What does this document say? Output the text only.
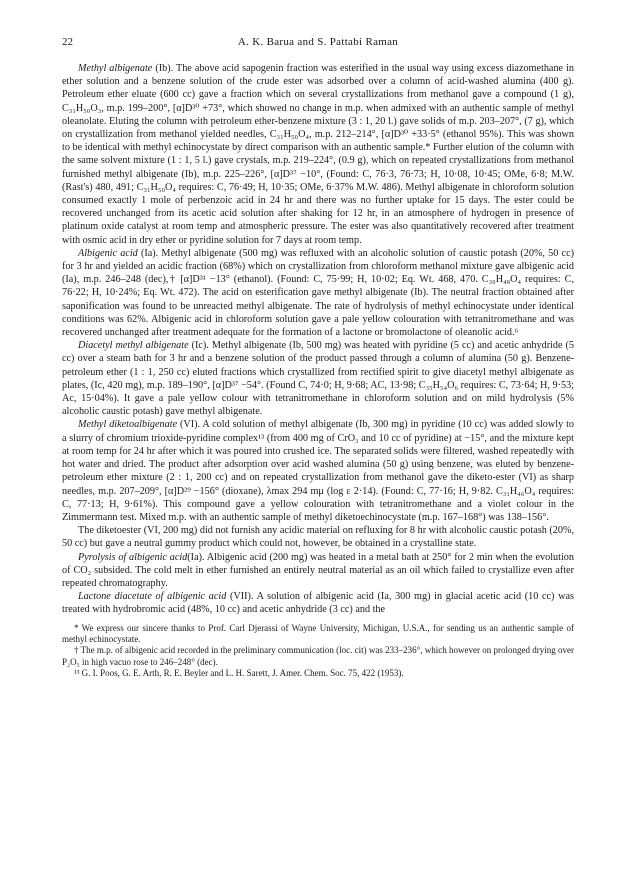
22	A. K. Barua and S. Pattabi Raman

Methyl albigenate (Ib). The above acid sapogenin fraction was esterified in the usual way using excess diazomethane in ether solution and a benzene solution of the crude ester was adsorbed over a column of acid-washed alumina (400 g). Petroleum ether eluate (600 cc) gave a fraction which on several crystallizations from methanol gave a compound (1 g), C₃₁H₅₀O₃, m.p. 199–200°, [α]D³⁰ +73°, which showed no change in m.p. when admixed with an authentic sample of methyl oleanolate. Eluting the column with petroleum ether-benzene mixture (3 : 1, 20 l.) gave solids of m.p. 203–207°, (7 g), which on crystallization from methanol yielded needles, C₃₁H₅₀O₄, m.p. 212–214°, [α]D³⁰ +33·5° (ethanol 95%). This was shown to be identical with methyl echinocystate by direct comparison with an authentic sample.* Further elution of the column with the same solvent mixture (1 : 1, 5 l.) gave crystals, m.p. 219–224°, (0.9 g), which on repeated crystallizations from methanol furnished methyl albigenate (Ib), m.p. 225–226°, [α]D³⁷ −10°, (Found: C, 76·3, 76·73; H, 10·08, 10·45; OMe, 6·8; M.W. (Rast's) 480, 491; C₃₁H₅₀O₄ requires: C, 76·49; H, 10·35; OMe, 6·37% M.W. 486). Methyl albigenate in chloroform solution consumed exactly 1 mole of perbenzoic acid in 24 hr and there was no further uptake for 15 days. The ester could be recovered unchanged from its acetic acid solution after shaking for 12 hr, in an atmosphere of hydrogen in presence of platinum oxide catalyst at room temp and atmospheric pressure. The ester was also quantitatively recovered after treatment with osmic acid in dry ether or pyridine solution for 7 days at room temp.

Albigenic acid (Ia). Methyl albigenate (500 mg) was refluxed with an alcoholic solution of caustic potash (20%, 50 cc) for 3 hr and yielded an acidic fraction (68%) which on crystallization from chloroform methanol mixture gave albigenic acid (Ia), m.p. 246–248 (dec),† [α]D³¹ −13° (ethanol). (Found: C, 75·99; H, 10·02; Eq. Wt. 468, 470. C₃₀H₄₈O₄ requires: C, 76·22; H, 10·24%; Eq. Wt. 472). The acid on esterification gave methyl albigenate (Ib). The neutral fraction obtained after saponification was found to be unreacted methyl albigenate. The rate of hydrolysis of methyl echinocystate under identical conditions was 62%. Albigenic acid in chloroform solution gave a pale yellow colouration with tetranitromethane and was recovered unchanged after treatment adequate for the formation of a lactone or bromolactone of oleanolic acid.⁶

Diacetyl methyl albigenate (Ic). Methyl albigenate (Ib, 500 mg) was heated with pyridine (5 cc) and acetic anhydride (5 cc) over a steam bath for 3 hr and a benzene solution of the product passed through a column of alumina (50 g). Benzene-petroleum ether (1 : 1, 250 cc) eluted fractions which crystallized from rectified spirit to give diacetyl methyl albigenate as plates, (Ic, 420 mg), m.p. 189–190°, [α]D³⁷ −54°. (Found C, 74·0; H, 9·68; AC, 13·98; C₃₅H₅₄O₆ requires: C, 73·64; H, 9·53; Ac, 15·04%). It gave a pale yellow colour with tetranitromethane in chloroform solution and on mild hydrolysis (5% alcoholic caustic potash) gave methyl albigenate.

Methyl diketoalbigenate (VI). A cold solution of methyl albigenate (Ib, 300 mg) in pyridine (10 cc) was added slowly to a slurry of chromium trioxide-pyridine complex¹³ (from 400 mg of CrO₃ and 10 cc of pyridine) at −15°, and the mixture kept at room temp for 24 hr after which it was poured into crushed ice. The separated solids were filtered, washed repeatedly with hot water and dried. The product after adsorption over acid washed alumina (50 g) using benzene, was eluted by benzene-petroleum ether mixture (2 : 1, 200 cc) and on repeated crystallization from methanol gave the diketo-ester (VI) as sharp needles, m.p. 207–209°, [α]D²⁹ −156° (dioxane), λmax 294 mμ (log ε 2·14). (Found: C, 77·16; H, 9·82. C₃₁H₄₆O₄ requires: C, 77·13; H, 9·61%). This compound gave a yellow colouration with tetranitromethane and a violet colour in the Zimmermann test. Mixed m.p. with an authentic sample of methyl diketoechinocystate (m.p. 167–168°) was 138–156°.

The diketoester (VI, 200 mg) did not furnish any acidic material on refluxing for 8 hr with alcoholic caustic potash (20%, 50 cc) but gave a neutral gummy product which could not, however, be obtained in a crystalline state.

Pyrolysis of albigenic acid(Ia). Albigenic acid (200 mg) was heated in a metal bath at 250° for 2 min when the evolution of CO₂ subsided. The cold melt in ether furnished an entirely neutral material as an oil which failed to crystallize even after repeated chromatography.

Lactone diacetate of albigenic acid (VII). A solution of albigenic acid (Ia, 300 mg) in glacial acetic acid (10 cc) was treated with hydrobromic acid (48%, 10 cc) and acetic anhydride (3 cc) and the

* We express our sincere thanks to Prof. Carl Djerassi of Wayne University, Michigan, U.S.A., for sending us an authentic sample of methyl echinocystate.

† The m.p. of albigenic acid recorded in the preliminary communication (loc. cit) was 233–236°, which however on prolonged drying over P₂O₅ in high vacuo rose to 246–248° (dec).

¹³ G. I. Poos, G. E. Arth, R. E. Beyler and L. H. Sarett, J. Amer. Chem. Soc. 75, 422 (1953).
